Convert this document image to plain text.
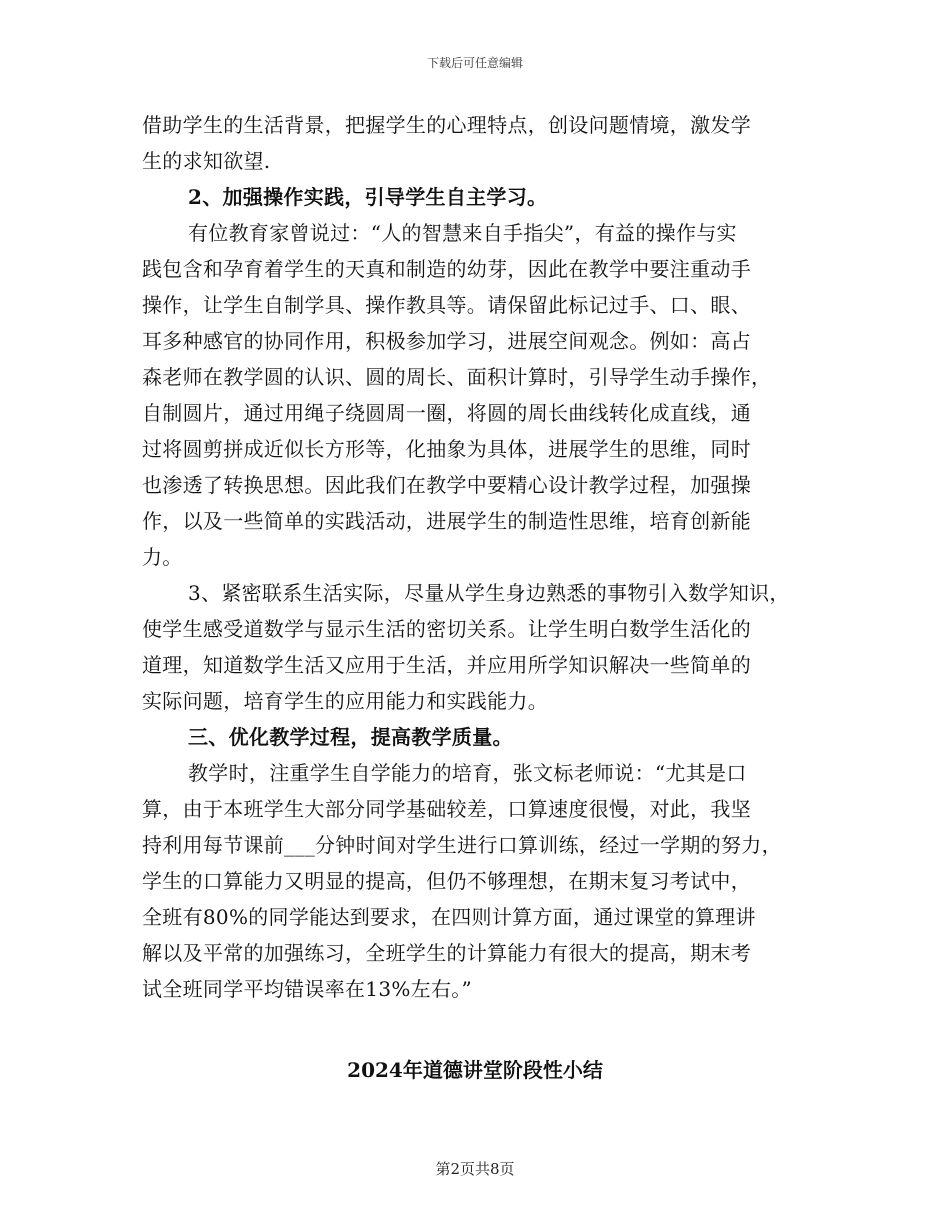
下载后可任意编辑
借助学生的生活背景，把握学生的心理特点，创设问题情境，激发学
生的求知欲望.
2、加强操作实践，引导学生自主学习。
有位教育家曾说过：“人的智慧来自手指尖”，有益的操作与实
践包含和孕育着学生的天真和制造的幼芽，因此在教学中要注重动手
操作，让学生自制学具、操作教具等。请保留此标记过手、口、眼、
耳多种感官的协同作用，积极参加学习，进展空间观念。例如：高占
森老师在教学圆的认识、圆的周长、面积计算时，引导学生动手操作，
自制圆片，通过用绳子绕圆周一圈，将圆的周长曲线转化成直线，通
过将圆剪拼成近似长方形等，化抽象为具体，进展学生的思维，同时
也渗透了转换思想。因此我们在教学中要精心设计教学过程，加强操
作，以及一些简单的实践活动，进展学生的制造性思维，培育创新能
力。
3、紧密联系生活实际，尽量从学生身边熟悉的事物引入数学知识，
使学生感受道数学与显示生活的密切关系。让学生明白数学生活化的
道理，知道数学生活又应用于生活，并应用所学知识解决一些简单的
实际问题，培育学生的应用能力和实践能力。
三、优化教学过程，提高教学质量。
教学时，注重学生自学能力的培育，张文标老师说：“尤其是口
算，由于本班学生大部分同学基础较差，口算速度很慢，对此，我坚
持利用每节课前___分钟时间对学生进行口算训练，经过一学期的努力，
学生的口算能力又明显的提高，但仍不够理想，在期末复习考试中，
全班有80%的同学能达到要求，在四则计算方面，通过课堂的算理讲
解以及平常的加强练习，全班学生的计算能力有很大的提高，期末考
试全班同学平均错误率在13%左右。”
2024年道德讲堂阶段性小结
第2页共8页
